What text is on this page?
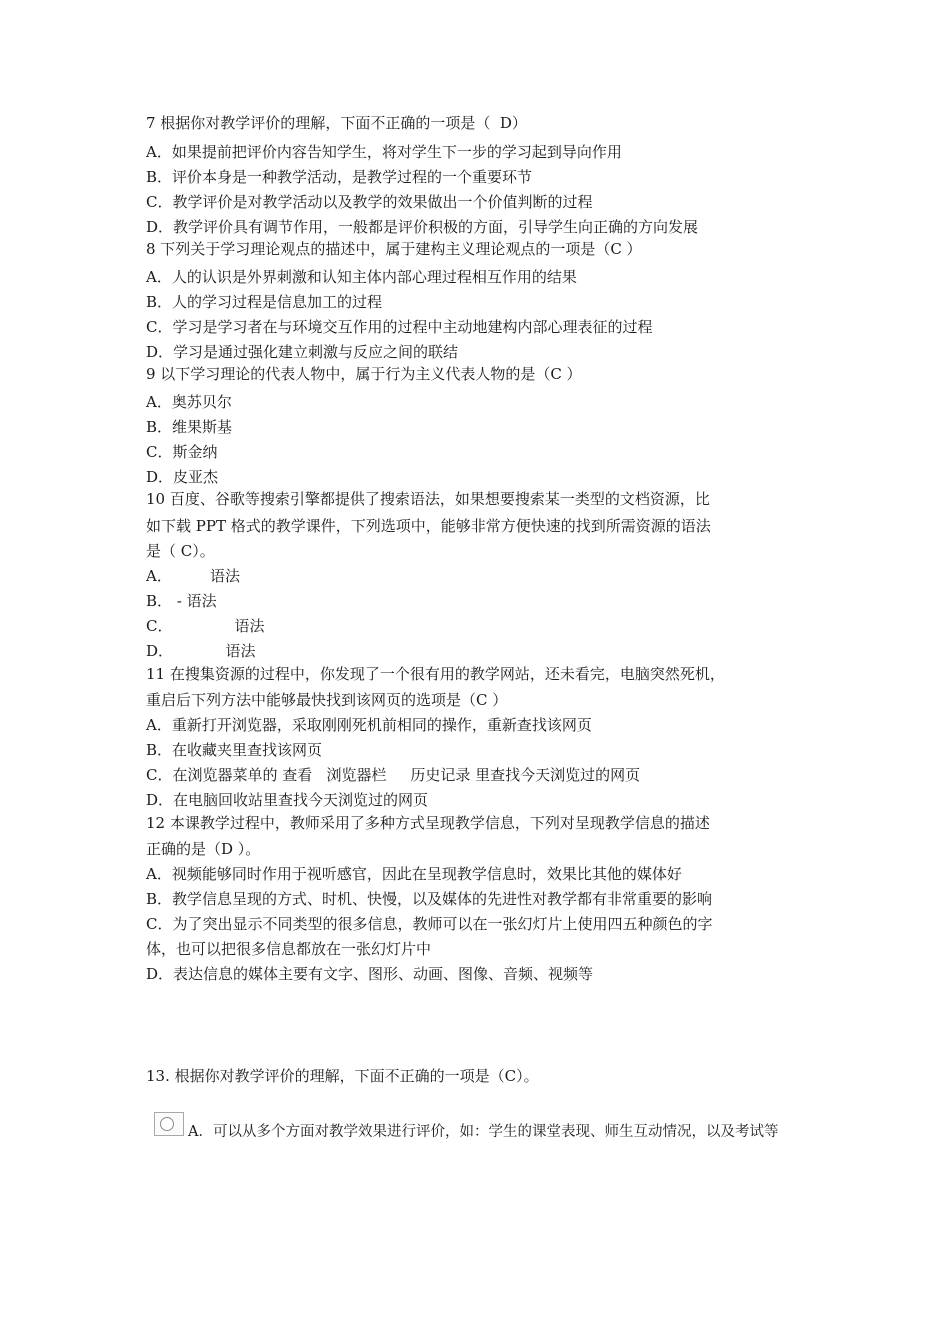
7 根据你对教学评价的理解，下面不正确的一项是（  D）
A．如果提前把评价内容告知学生，将对学生下一步的学习起到导向作用
B．评价本身是一种教学活动，是教学过程的一个重要环节
C．教学评价是对教学活动以及教学的效果做出一个价值判断的过程
D．教学评价具有调节作用，一般都是评价积极的方面，引导学生向正确的方向发展
8 下列关于学习理论观点的描述中，属于建构主义理论观点的一项是（C ）
A．人的认识是外界刺激和认知主体内部心理过程相互作用的结果
B．人的学习过程是信息加工的过程
C．学习是学习者在与环境交互作用的过程中主动地建构内部心理表征的过程
D．学习是通过强化建立刺激与反应之间的联结
9 以下学习理论的代表人物中，属于行为主义代表人物的是（C ）
A．奥苏贝尔
B．维果斯基
C．斯金纳
D．皮亚杰
10 百度、谷歌等搜索引擎都提供了搜索语法，如果想要搜索某一类型的文档资源，比
如下载 PPT 格式的教学课件，下列选项中，能够非常方便快速的找到所需资源的语法
是（ C）。
A．        语法
B． - 语法
C．             语法
D．           语法
11 在搜集资源的过程中，你发现了一个很有用的教学网站，还未看完，电脑突然死机，
重启后下列方法中能够最快找到该网页的选项是（C ）
A．重新打开浏览器，采取刚刚死机前相同的操作，重新查找该网页
B．在收藏夹里查找该网页
C．在浏览器菜单的 查看   浏览器栏     历史记录 里查找今天浏览过的网页
D．在电脑回收站里查找今天浏览过的网页
12 本课教学过程中，教师采用了多种方式呈现教学信息，下列对呈现教学信息的描述
正确的是（D ）。
A．视频能够同时作用于视听感官，因此在呈现教学信息时，效果比其他的媒体好
B．教学信息呈现的方式、时机、快慢，以及媒体的先进性对教学都有非常重要的影响
C．为了突出显示不同类型的很多信息，教师可以在一张幻灯片上使用四五种颜色的字
体，也可以把很多信息都放在一张幻灯片中
D．表达信息的媒体主要有文字、图形、动画、图像、音频、视频等
13. 根据你对教学评价的理解，下面不正确的一项是（C）。
A．可以从多个方面对教学效果进行评价，如：学生的课堂表现、师生互动情况，以及考试等
